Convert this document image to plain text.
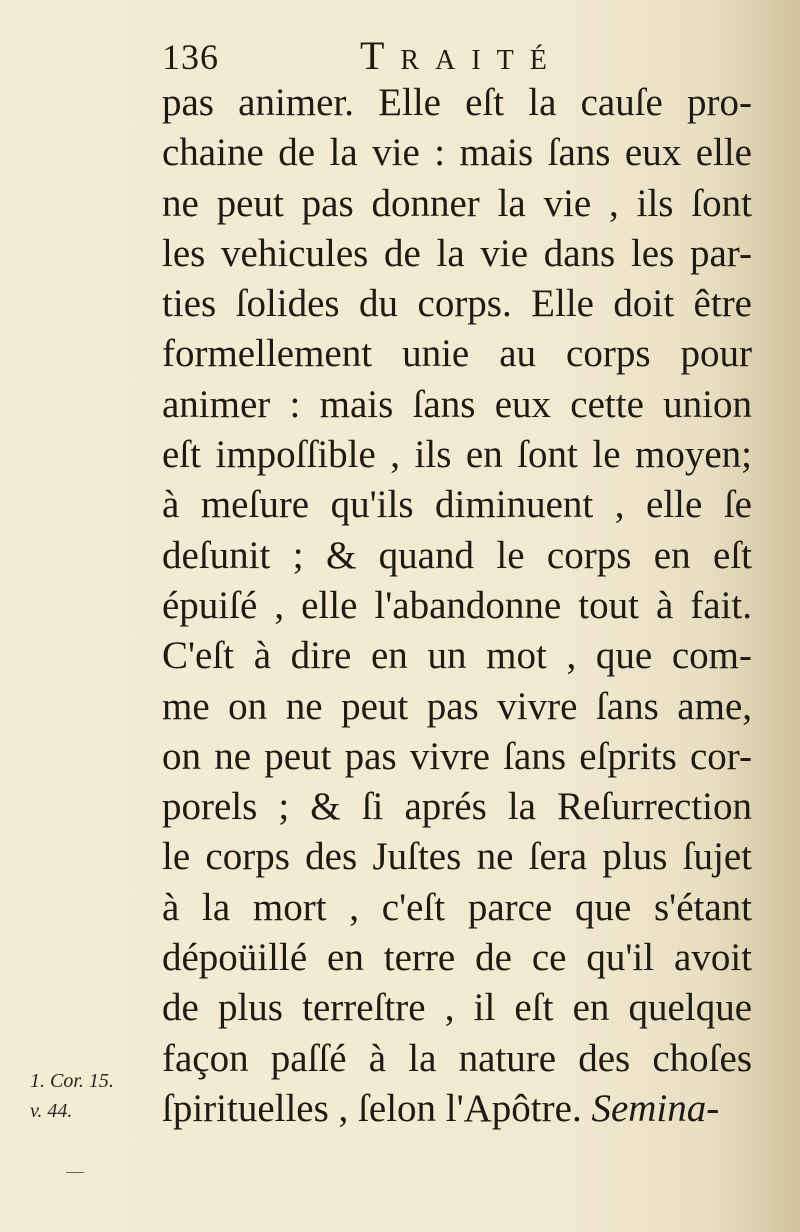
136	Traité
pas animer. Elle eſt la cauſe pro-
chaine de la vie : mais ſans eux elle
ne peut pas donner la vie , ils ſont
les vehicules de la vie dans les par-
ties ſolides du corps. Elle doit être
formellement unie au corps pour
animer : mais ſans eux cette union
eſt impoſſible , ils en ſont le moyen;
à meſure qu'ils diminuent , elle ſe
deſunit ; & quand le corps en eſt
épuiſé , elle l'abandonne tout à fait.
C'eſt à dire en un mot , que com-
me on ne peut pas vivre ſans ame,
on ne peut pas vivre ſans eſprits cor-
porels ; & ſi aprés la Reſurrection
le corps des Juſtes ne ſera plus ſujet
à la mort , c'eſt parce que s'étant
dépoüillé en terre de ce qu'il avoit
de plus terreſtre , il eſt en quelque
façon paſſé à la nature des choſes
ſpirituelles , ſelon l'Apôtre. Semina-
1. Cor. 15.
v. 44.
